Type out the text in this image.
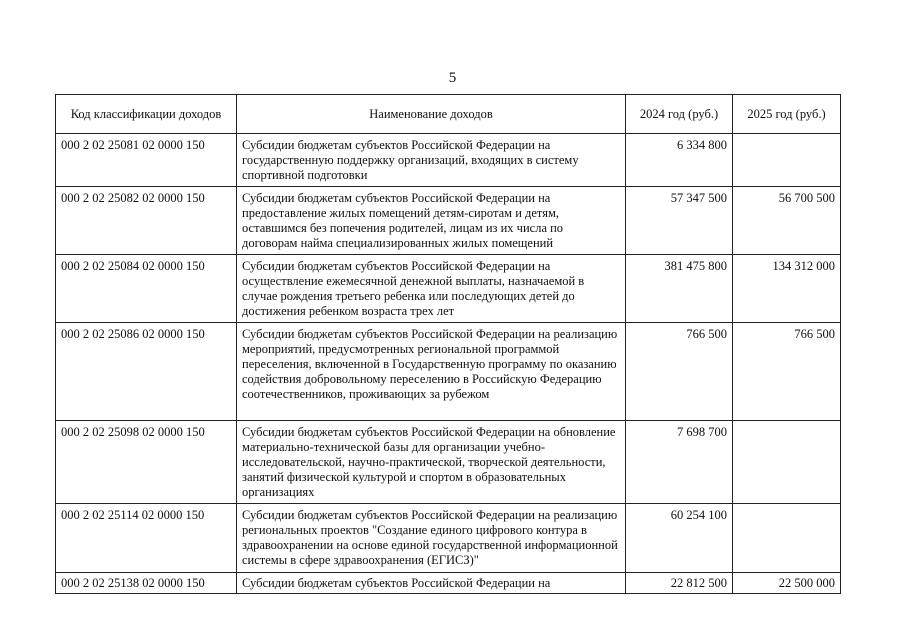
5
Код классификации доходов	Наименование доходов	2024 год (руб.)	2025 год (руб.)
000 2 02 25081 02 0000 150	Субсидии бюджетам субъектов Российской Федерации на государственную поддержку организаций, входящих в систему спортивной подготовки	6 334 800	
000 2 02 25082 02 0000 150	Субсидии бюджетам субъектов Российской Федерации на предоставление жилых помещений детям-сиротам и детям, оставшимся без попечения родителей, лицам из их числа по договорам найма специализированных жилых помещений	57 347 500	56 700 500
000 2 02 25084 02 0000 150	Субсидии бюджетам субъектов Российской Федерации на осуществление ежемесячной денежной выплаты, назначаемой в случае рождения третьего ребенка или последующих детей до достижения ребенком возраста трех лет	381 475 800	134 312 000
000 2 02 25086 02 0000 150	Субсидии бюджетам субъектов Российской Федерации на реализацию мероприятий, предусмотренных региональной программой переселения, включенной в Государственную программу по оказанию содействия добровольному переселению в Российскую Федерацию соотечественников, проживающих за рубежом	766 500	766 500
000 2 02 25098 02 0000 150	Субсидии бюджетам субъектов Российской Федерации на обновление материально-технической базы для организации учебно-исследовательской, научно-практической, творческой деятельности, занятий физической культурой и спортом в образовательных организациях	7 698 700	
000 2 02 25114 02 0000 150	Субсидии бюджетам субъектов Российской Федерации на реализацию региональных проектов "Создание единого цифрового контура в здравоохранении на основе единой государственной информационной системы в сфере здравоохранения (ЕГИСЗ)"	60 254 100	
000 2 02 25138 02 0000 150	Субсидии бюджетам субъектов Российской Федерации на	22 812 500	22 500 000
